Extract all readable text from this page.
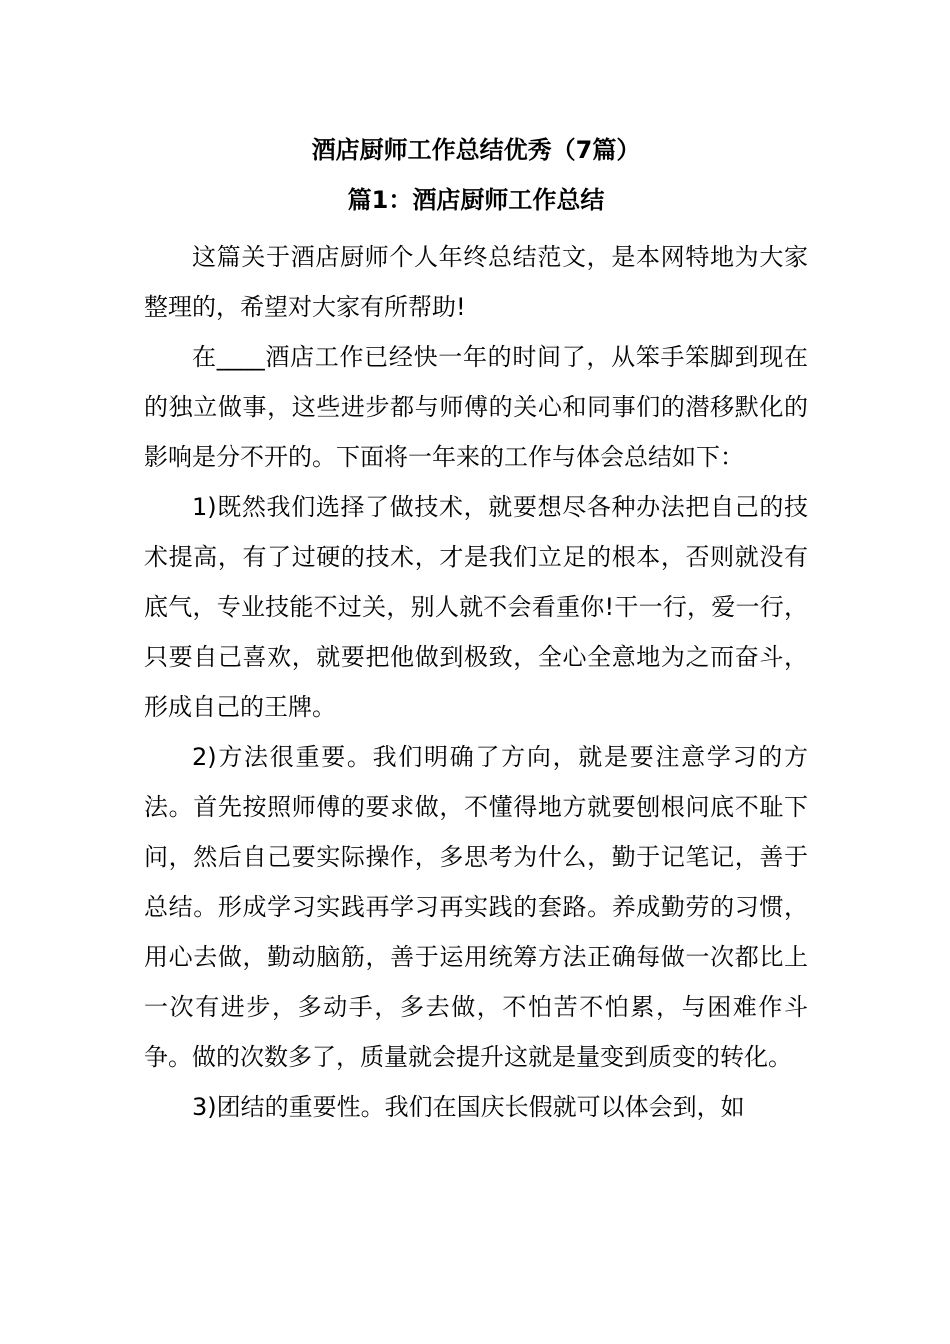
酒店厨师工作总结优秀（7篇）
篇1：酒店厨师工作总结

这篇关于酒店厨师个人年终总结范文，是本网特地为大家整理的，希望对大家有所帮助!

在____酒店工作已经快一年的时间了，从笨手笨脚到现在的独立做事，这些进步都与师傅的关心和同事们的潜移默化的影响是分不开的。下面将一年来的工作与体会总结如下：

1)既然我们选择了做技术，就要想尽各种办法把自己的技术提高，有了过硬的技术，才是我们立足的根本，否则就没有底气，专业技能不过关，别人就不会看重你!干一行，爱一行，只要自己喜欢，就要把他做到极致，全心全意地为之而奋斗，形成自己的王牌。

2)方法很重要。我们明确了方向，就是要注意学习的方法。首先按照师傅的要求做，不懂得地方就要刨根问底不耻下问，然后自己要实际操作，多思考为什么，勤于记笔记，善于总结。形成学习实践再学习再实践的套路。养成勤劳的习惯，用心去做，勤动脑筋，善于运用统筹方法正确每做一次都比上一次有进步，多动手，多去做，不怕苦不怕累，与困难作斗争。做的次数多了，质量就会提升这就是量变到质变的转化。

3)团结的重要性。我们在国庆长假就可以体会到，如
